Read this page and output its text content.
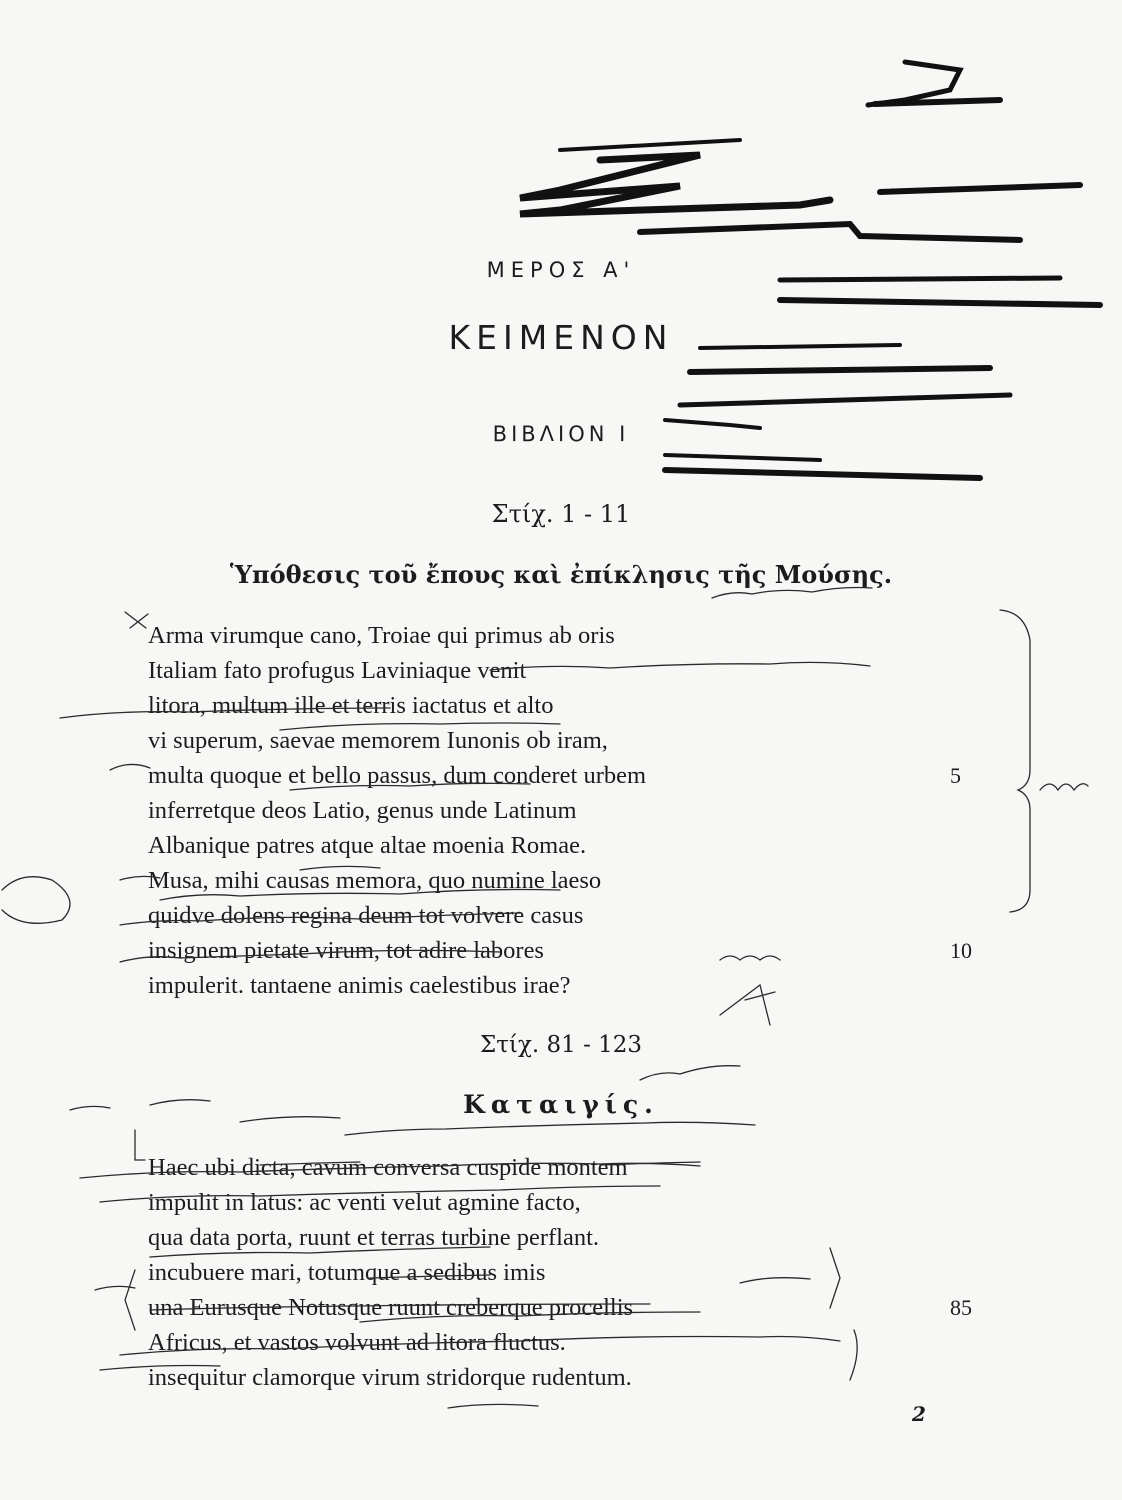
ΜΕΡΟΣ Α'
ΚΕΙΜΕΝΟΝ
ΒΙΒΛΙΟΝ Ι
Στίχ. 1 - 11
Ὑπόθεσις τοῦ ἔπους καὶ ἐπίκλησις τῆς Μούσης.
Arma virumque cano, Troiae qui primus ab oris
Italiam fato profugus Laviniaque venit
litora, multum ille et terris iactatus et alto
vi superum, saevae memorem Iunonis ob iram,
multa quoque et bello passus, dum conderet urbem	5
inferretque deos Latio, genus unde Latinum
Albanique patres atque altae moenia Romae.
Musa, mihi causas memora, quo numine laeso
quidve dolens regina deum tot volvere casus
insignem pietate virum, tot adire labores	10
impulerit. tantaene animis caelestibus irae?
Στίχ. 81 - 123
Καταιγίς.
Haec ubi dicta, cavum conversa cuspide montem
impulit in latus: ac venti velut agmine facto,
qua data porta, ruunt et terras turbine perflant.
incubuere mari, totumque a sedibus imis
una Eurusque Notusque ruunt creberque procellis	85
Africus, et vastos volvunt ad litora fluctus.
insequitur clamorque virum stridorque rudentum.
2
